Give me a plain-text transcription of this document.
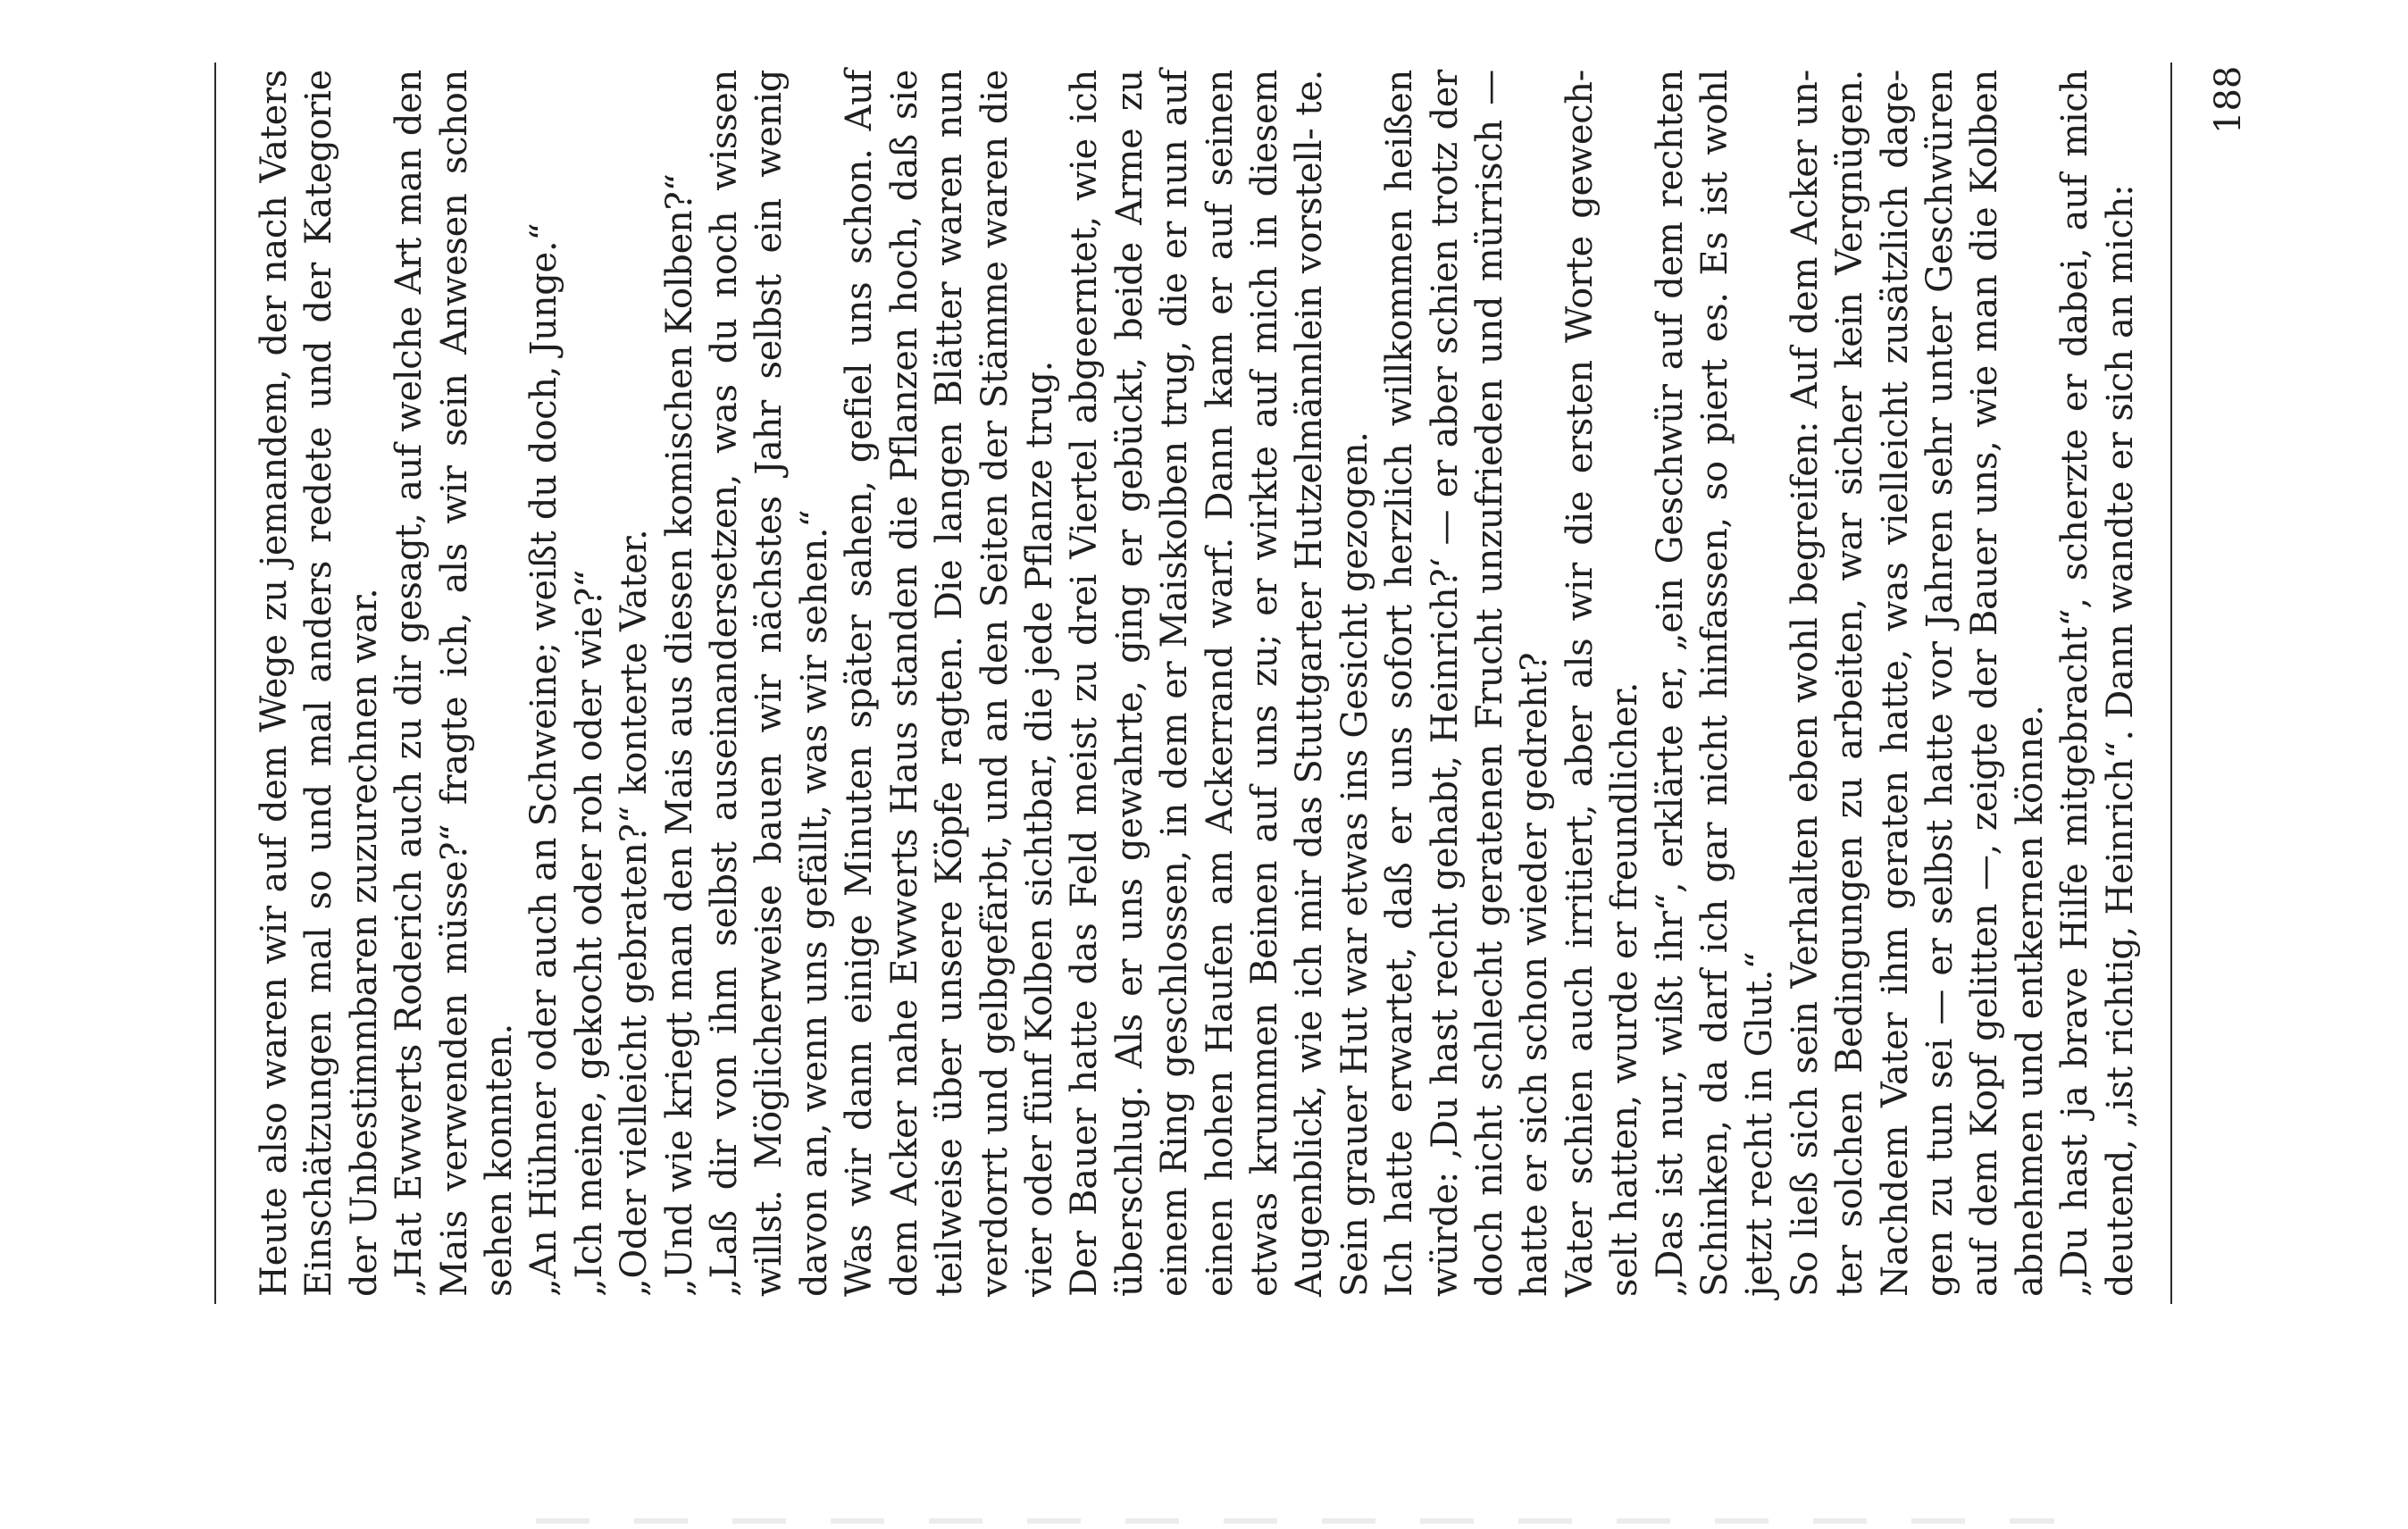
Heute also waren wir auf dem Wege zu jemandem, der nach Vaters Einschätzungen mal so und mal anders redete und der Kategorie der Unbestimmbaren zuzurechnen war. „Hat Ewwerts Roderich auch zu dir gesagt, auf welche Art man den Mais verwenden müsse?“ fragte ich, als wir sein Anwesen schon sehen konnten. „An Hühner oder auch an Schweine; weißt du doch, Junge.“ „Ich meine, gekocht oder roh oder wie?“ „Oder vielleicht gebraten?“ konterte Vater. „Und wie kriegt man den Mais aus diesen komischen Kolben?“ „Laß dir von ihm selbst auseinandersetzen, was du noch wissen willst. Möglicherweise bauen wir nächstes Jahr selbst ein wenig davon an, wenn uns gefällt, was wir sehen.“ Was wir dann einige Minuten später sahen, gefiel uns schon. Auf dem Acker nahe Ewwerts Haus standen die Pflanzen hoch, daß sie teilweise über unsere Köpfe ragten. Die langen Blätter waren nun verdorrt und gelbgefärbt, und an den Seiten der Stämme waren die vier oder fünf Kolben sichtbar, die jede Pflanze trug. Der Bauer hatte das Feld meist zu drei Viertel abgeerntet, wie ich überschlug. Als er uns gewahrte, ging er gebückt, beide Arme zu einem Ring geschlossen, in dem er Maiskolben trug, die er nun auf einen hohen Haufen am Ackerrand warf. Dann kam er auf seinen etwas krummen Beinen auf uns zu; er wirkte auf mich in diesem Augenblick, wie ich mir das Stuttgarter Hutzelmännlein vorstell- te. Sein grauer Hut war etwas ins Gesicht gezogen. Ich hatte erwartet, daß er uns sofort herzlich willkommen heißen würde: ‚Du hast recht gehabt, Heinrich?‘ — er aber schien trotz der doch nicht schlecht geratenen Frucht unzufrieden und mürrisch — hatte er sich schon wieder gedreht? Vater schien auch irritiert, aber als wir die ersten Worte gewech- selt hatten, wurde er freundlicher. „Das ist nur, wißt ihr“, erklärte er, „ein Geschwür auf dem rechten Schinken, da darf ich gar nicht hinfassen, so piert es. Es ist wohl jetzt recht in Glut.“ So ließ sich sein Verhalten eben wohl begreifen: Auf dem Acker un- ter solchen Bedingungen zu arbeiten, war sicher kein Vergnügen. Nachdem Vater ihm geraten hatte, was vielleicht zusätzlich dage- gen zu tun sei — er selbst hatte vor Jahren sehr unter Geschwüren auf dem Kopf gelitten —, zeigte der Bauer uns, wie man die Kolben abnehmen und entkernen könne. „Du hast ja brave Hilfe mitgebracht“, scherzte er dabei, auf mich deutend, „ist richtig, Heinrich“. Dann wandte er sich an mich:

188
